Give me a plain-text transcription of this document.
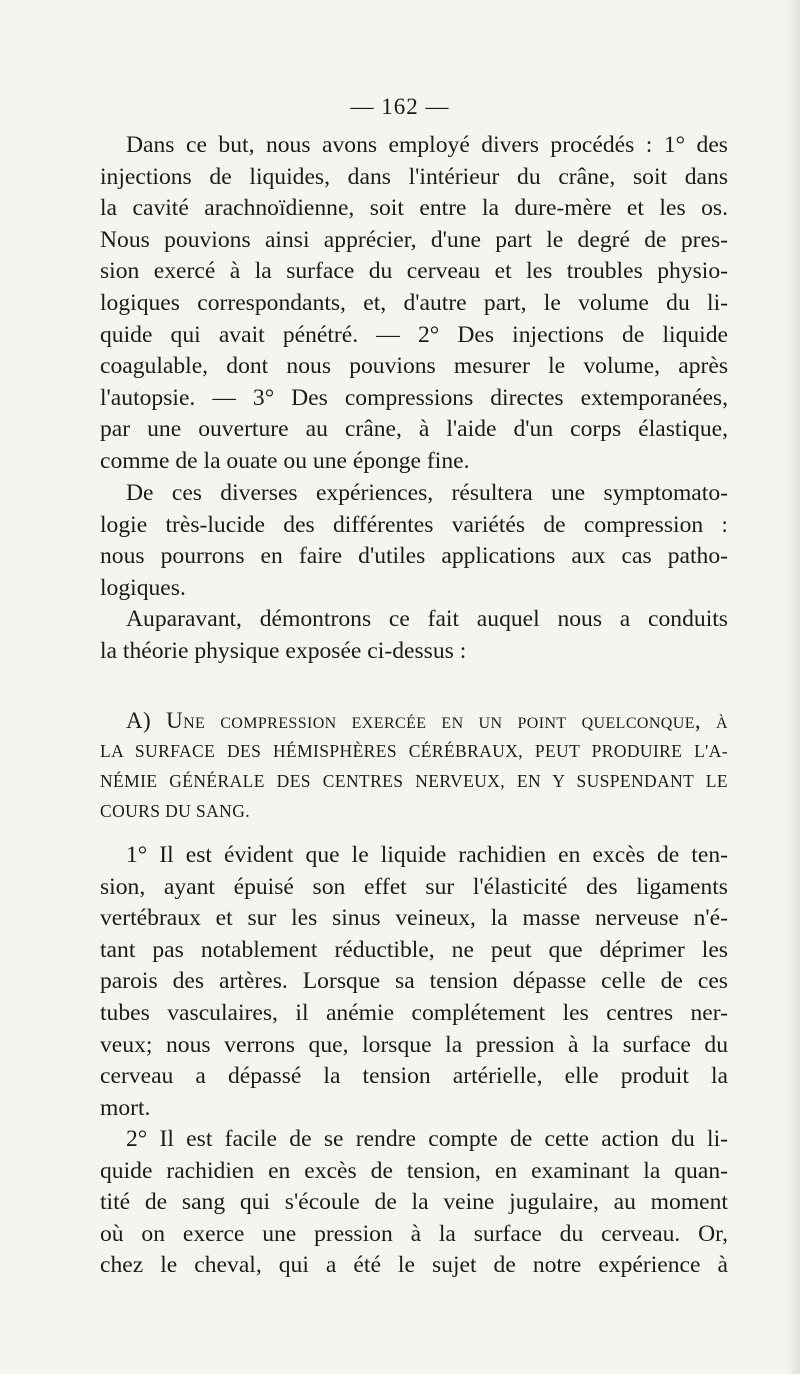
— 162 —
Dans ce but, nous avons employé divers procédés : 1° des
injections de liquides, dans l'intérieur du crâne, soit dans
la cavité arachnoïdienne, soit entre la dure-mère et les os.
Nous pouvions ainsi apprécier, d'une part le degré de pres-
sion exercé à la surface du cerveau et les troubles physio-
logiques correspondants, et, d'autre part, le volume du li-
quide qui avait pénétré. — 2° Des injections de liquide
coagulable, dont nous pouvions mesurer le volume, après
l'autopsie. — 3° Des compressions directes extemporanées,
par une ouverture au crâne, à l'aide d'un corps élastique,
comme de la ouate ou une éponge fine.
De ces diverses expériences, résultera une symptomato-
logie très-lucide des différentes variétés de compression :
nous pourrons en faire d'utiles applications aux cas patho-
logiques.
Auparavant, démontrons ce fait auquel nous a conduits
la théorie physique exposée ci-dessus :
A) Une compression exercée en un point quelconque, à
LA SURFACE DES HÉMISPHÈRES CÉRÉBRAUX, PEUT PRODUIRE L'A-
NÉMIE GÉNÉRALE DES CENTRES NERVEUX, EN Y SUSPENDANT LE
COURS DU SANG.
1° Il est évident que le liquide rachidien en excès de ten-
sion, ayant épuisé son effet sur l'élasticité des ligaments
vertébraux et sur les sinus veineux, la masse nerveuse n'é-
tant pas notablement réductible, ne peut que déprimer les
parois des artères. Lorsque sa tension dépasse celle de ces
tubes vasculaires, il anémie complétement les centres ner-
veux; nous verrons que, lorsque la pression à la surface du
cerveau a dépassé la tension artérielle, elle produit la
mort.
2° Il est facile de se rendre compte de cette action du li-
quide rachidien en excès de tension, en examinant la quan-
tité de sang qui s'écoule de la veine jugulaire, au moment
où on exerce une pression à la surface du cerveau. Or,
chez le cheval, qui a été le sujet de notre expérience à
